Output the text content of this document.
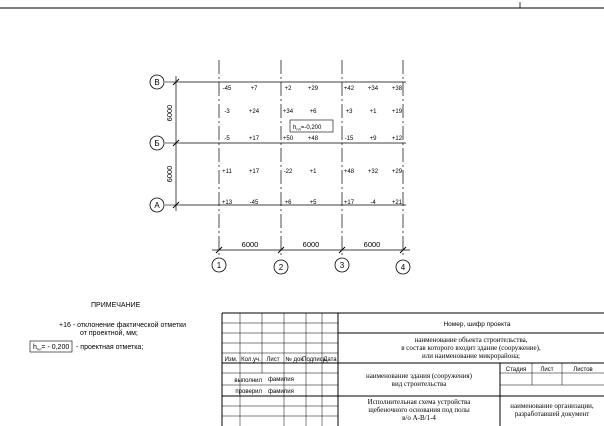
В
Б
А
1	2	3	4
6000
6000
6000	6000	6000
$h_{пл}=-0,200$
-45	+7	+2	+29	+42 +34 +38
-3	+24	+34	+6	+3	+1	+19
-5	+17	+50 +48	-15	+9	+12
+11	+17	-22	+1	+48 +32 +29
+13	-45	+6	+5	+17	-4	+21
ПРИМЕЧАНИЕ
+16 - отклонение фактической отметки
от проектной, мм;
$h_{пл}= - 0,200$ - проектная отметка;
Номер, шифр проекта
наименование объекта строительства,
в состав которого входит здание (сооружение),
или наименование микрорайона;
Изм. Кол.уч. Лист № док.
Подпись
Дата
выполнил фамилия
проверил фамилия
наименование здания (сооружения)
вид строительства
Стадия Лист	Листов
Исполнительная схема устройства
щебеночного основания под полы
в/о А-В/1-4
наименование организации,
разработавшей документ
